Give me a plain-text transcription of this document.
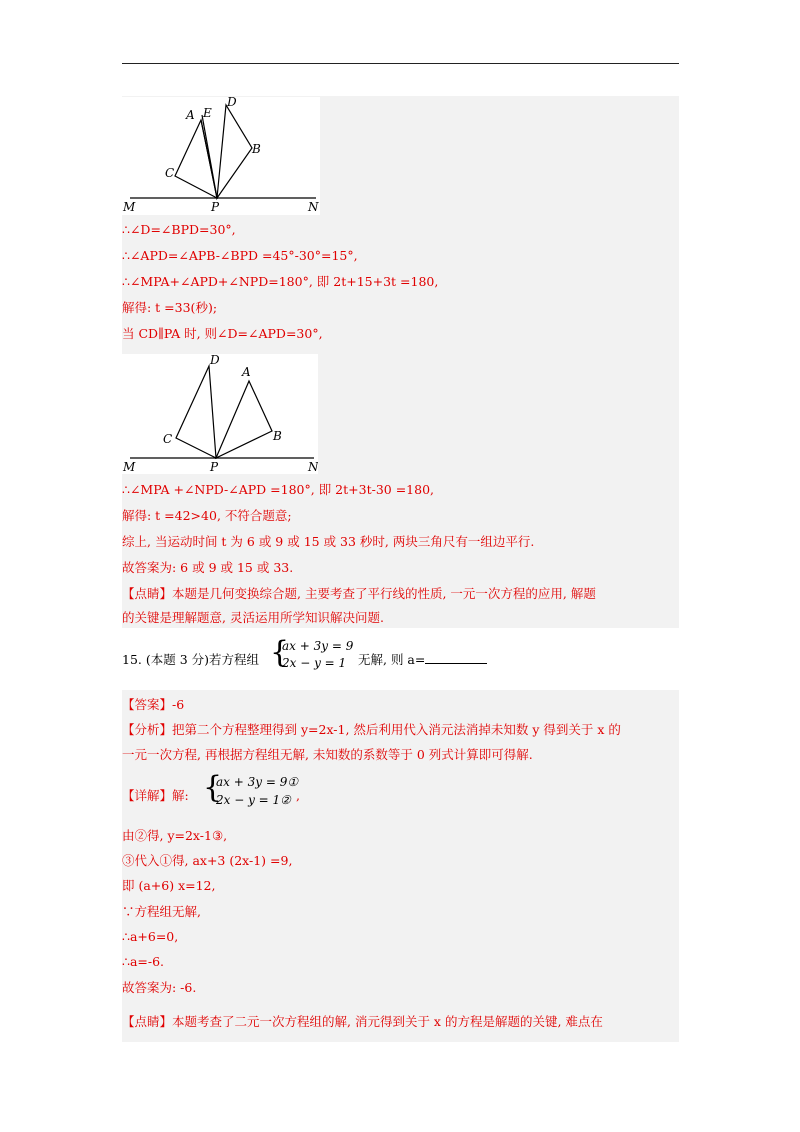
A E
D
B
C
M	P	N
D
A
C	B
M	P	N
∴∠D=∠BPD=30°,
∴∠APD=∠APB-∠BPD =45°-30°=15°,
∴∠MPA+∠APD+∠NPD=180°, 即 2t+15+3t =180,
解得: t =33(秒);
当 CD∥PA 时, 则∠D=∠APD=30°,
∴∠MPA +∠NPD-∠APD =180°, 即 2t+3t-30 =180,
解得: t =42>40, 不符合题意;
综上, 当运动时间 t 为 6 或 9 或 15 或 33 秒时, 两块三角尺有一组边平行.
故答案为: 6 或 9 或 15 或 33.
【点睛】本题是几何变换综合题, 主要考查了平行线的性质, 一元一次方程的应用, 解题
的关键是理解题意, 灵活运用所学知识解决问题.
15. (本题 3 分)若方程组 {
ax + 3y = 9
2x − y = 1 无解, 则 a=
【答案】-6
【分析】把第二个方程整理得到 y=2x-1, 然后利用代入消元法消掉未知数 y 得到关于 x 的
一元一次方程, 再根据方程组无解, 未知数的系数等于 0 列式计算即可得解.
【详解】解: {
ax + 3y = 9①
2x − y = 1② ,
由②得, y=2x-1③,
③代入①得, ax+3 (2x-1) =9,
即 (a+6) x=12,
∵方程组无解,
∴a+6=0,
∴a=-6.
故答案为: -6.
【点睛】本题考查了二元一次方程组的解, 消元得到关于 x 的方程是解题的关键, 难点在
